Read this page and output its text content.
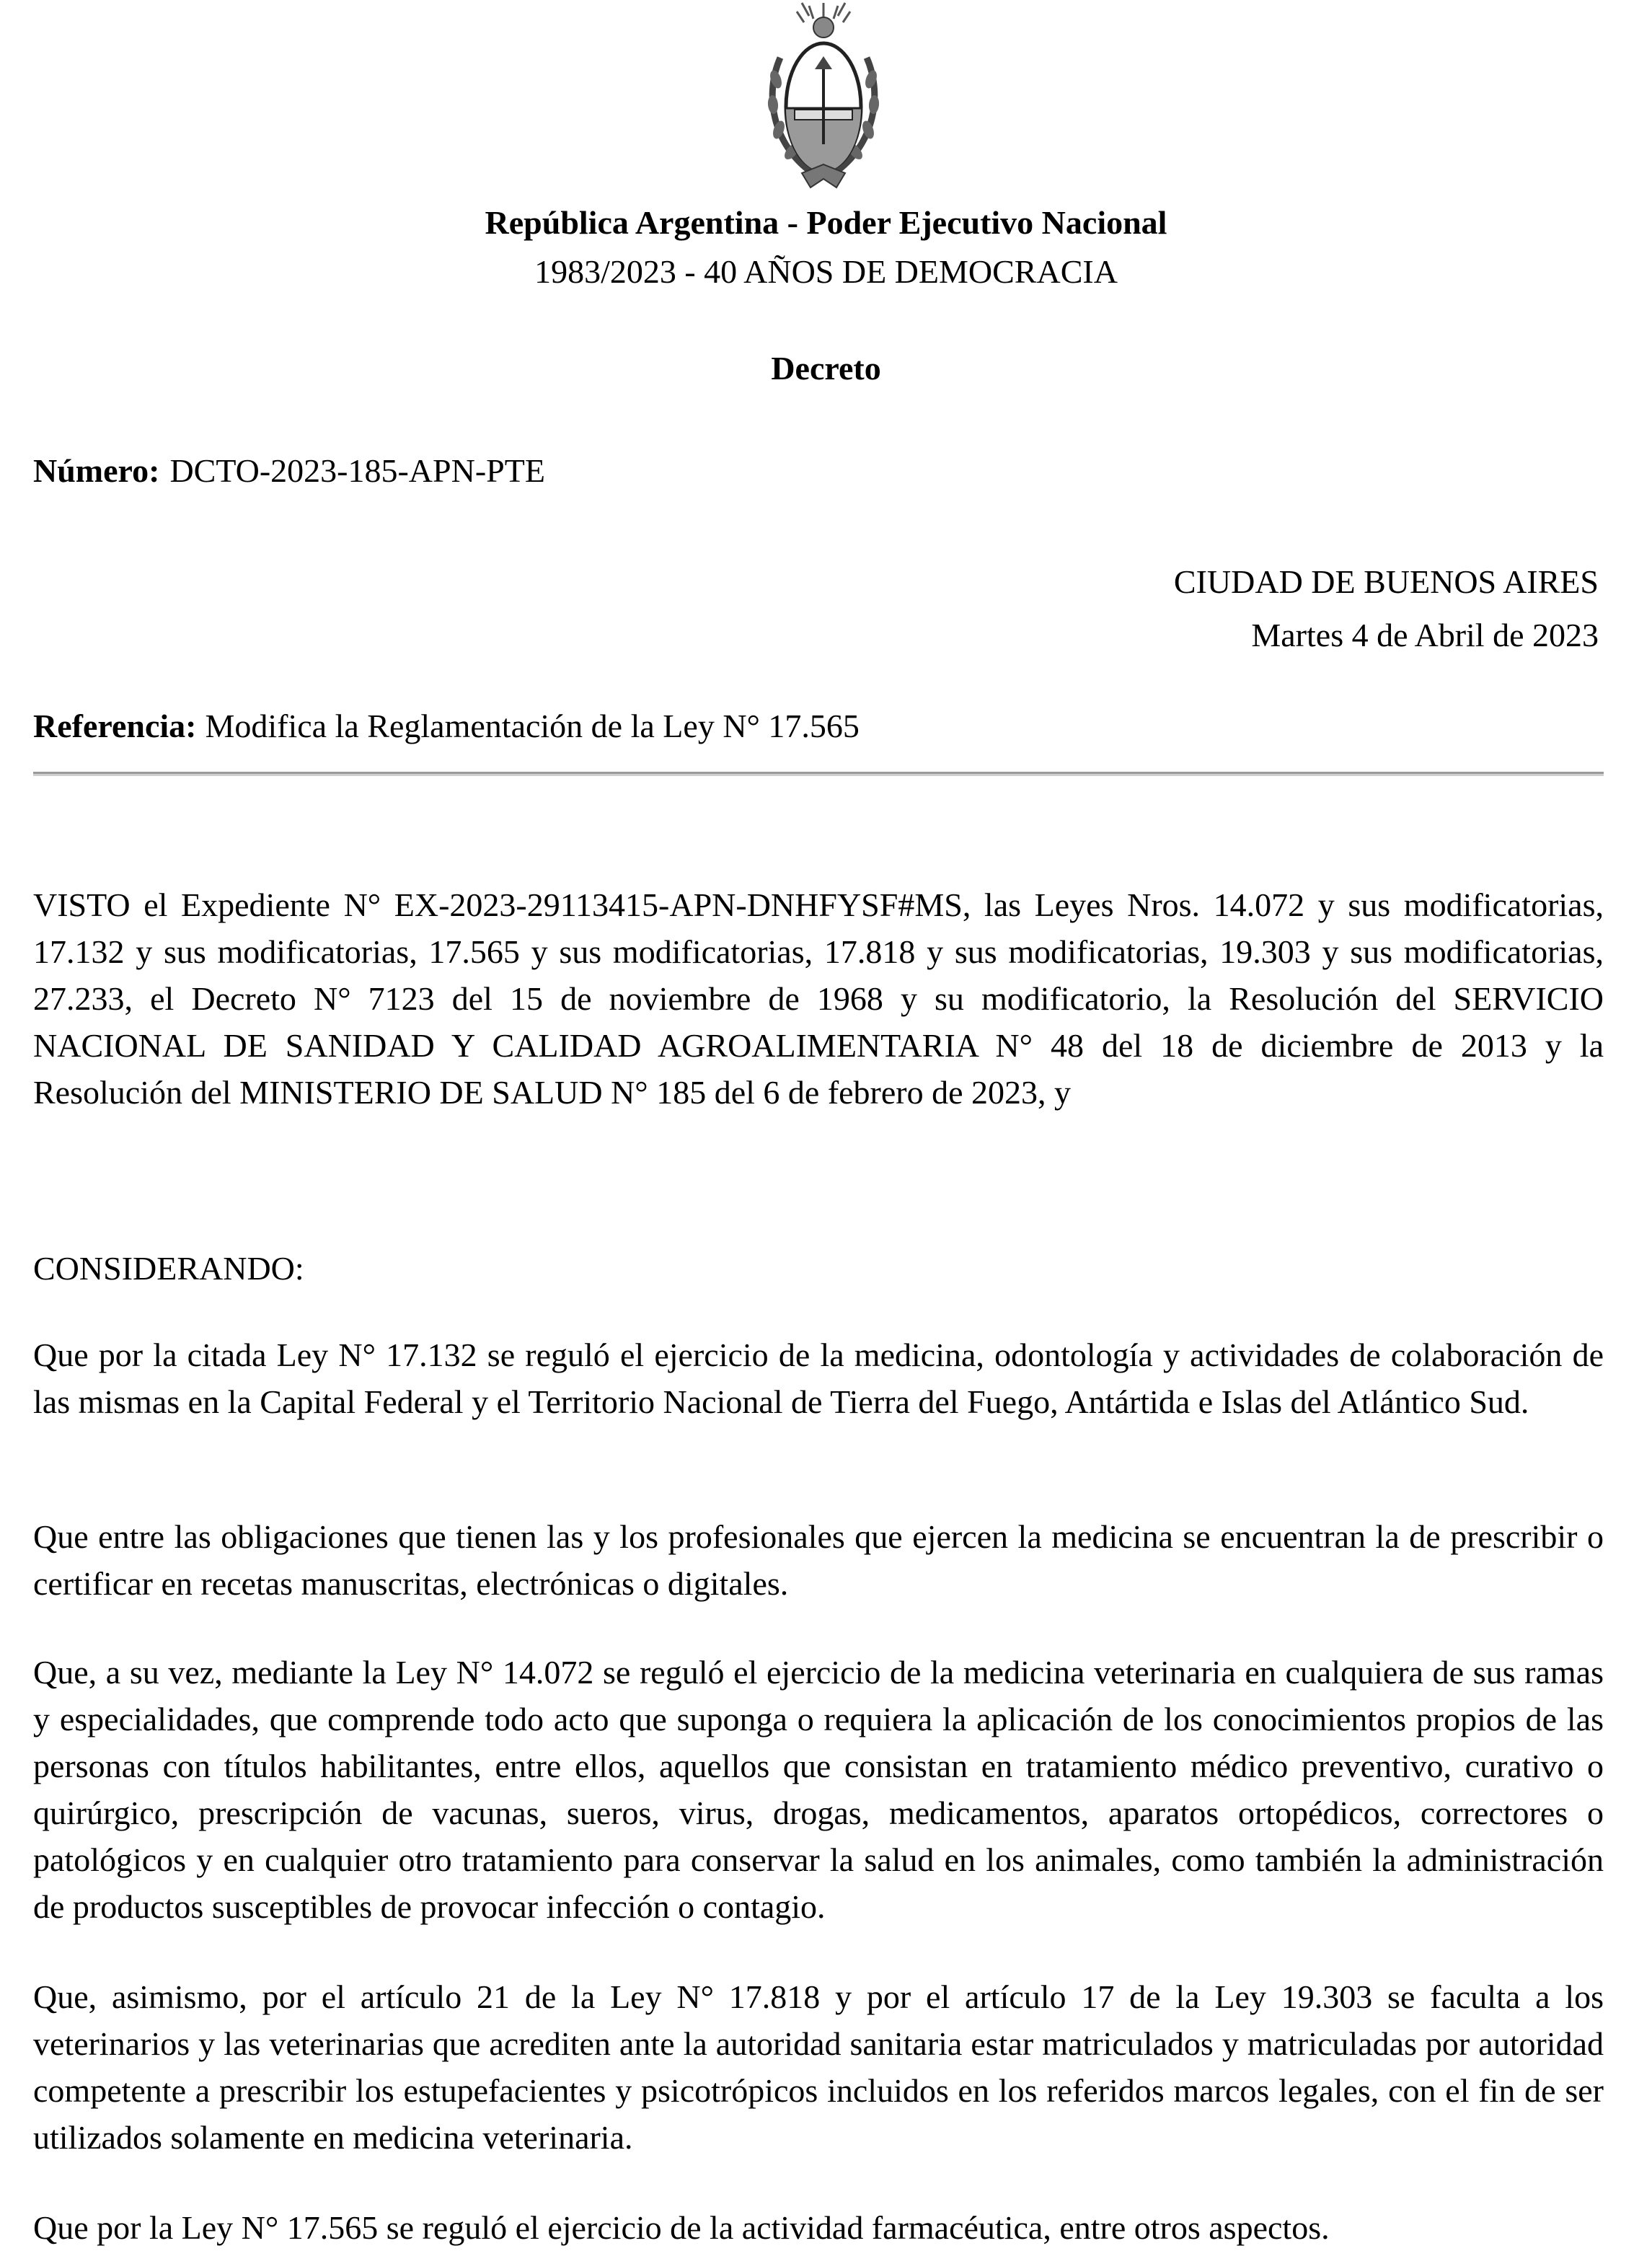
República Argentina - Poder Ejecutivo Nacional
1983/2023 - 40 AÑOS DE DEMOCRACIA
Decreto
Número: DCTO-2023-185-APN-PTE
CIUDAD DE BUENOS AIRES
Martes 4 de Abril de 2023
Referencia: Modifica la Reglamentación de la Ley N° 17.565
VISTO el Expediente N° EX-2023-29113415-APN-DNHFYSF#MS, las Leyes Nros. 14.072 y sus modificatorias, 17.132 y sus modificatorias, 17.565 y sus modificatorias, 17.818 y sus modificatorias, 19.303 y sus modificatorias, 27.233, el Decreto N° 7123 del 15 de noviembre de 1968 y su modificatorio, la Resolución del SERVICIO NACIONAL DE SANIDAD Y CALIDAD AGROALIMENTARIA N° 48 del 18 de diciembre de 2013 y la Resolución del MINISTERIO DE SALUD N° 185 del 6 de febrero de 2023, y
CONSIDERANDO:
Que por la citada Ley N° 17.132 se reguló el ejercicio de la medicina, odontología y actividades de colaboración de las mismas en la Capital Federal y el Territorio Nacional de Tierra del Fuego, Antártida e Islas del Atlántico Sud.
Que entre las obligaciones que tienen las y los profesionales que ejercen la medicina se encuentran la de prescribir o certificar en recetas manuscritas, electrónicas o digitales.
Que, a su vez, mediante la Ley N° 14.072 se reguló el ejercicio de la medicina veterinaria en cualquiera de sus ramas y especialidades, que comprende todo acto que suponga o requiera la aplicación de los conocimientos propios de las personas con títulos habilitantes, entre ellos, aquellos que consistan en tratamiento médico preventivo, curativo o quirúrgico, prescripción de vacunas, sueros, virus, drogas, medicamentos, aparatos ortopédicos, correctores o patológicos y en cualquier otro tratamiento para conservar la salud en los animales, como también la administración de productos susceptibles de provocar infección o contagio.
Que, asimismo, por el artículo 21 de la Ley N° 17.818 y por el artículo 17 de la Ley 19.303 se faculta a los veterinarios y las veterinarias que acrediten ante la autoridad sanitaria estar matriculados y matriculadas por autoridad competente a prescribir los estupefacientes y psicotrópicos incluidos en los referidos marcos legales, con el fin de ser utilizados solamente en medicina veterinaria.
Que por la Ley N° 17.565 se reguló el ejercicio de la actividad farmacéutica, entre otros aspectos.
